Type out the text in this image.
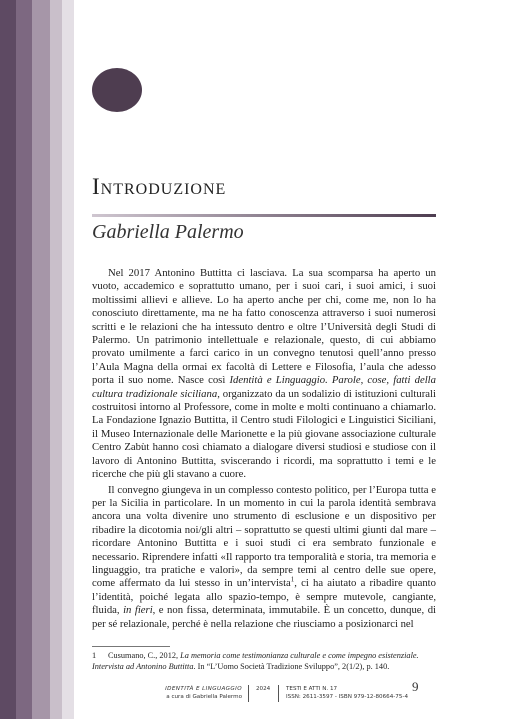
Introduzione
Gabriella Palermo

Nel 2017 Antonino Buttitta ci lasciava. La sua scomparsa ha aperto un vuoto, accademico e soprattutto umano, per i suoi cari, i suoi amici, i suoi moltissimi allievi e allieve. Lo ha aperto anche per chi, come me, non lo ha conosciuto direttamente, ma ne ha fatto conoscenza attraverso i suoi numerosi scritti e le relazioni che ha intessuto dentro e oltre l’Università degli Studi di Palermo. Un patrimonio intellettuale e relazionale, questo, di cui abbiamo provato umilmente a farci carico in un convegno tenutosi quell’anno presso l’Aula Magna della ormai ex facoltà di Lettere e Filosofia, l’aula che adesso porta il suo nome. Nasce così Identità e Linguaggio. Parole, cose, fatti della cultura tradizionale siciliana, organizzato da un sodalizio di istituzioni culturali costruitosi intorno al Professore, come in molte e molti continuano a chiamarlo. La Fondazione Ignazio Buttitta, il Centro studi Filologici e Linguistici Siciliani, il Museo Internazionale delle Marionette e la più giovane associazione culturale Centro Zabùt hanno così chiamato a dialogare diversi studiosi e studiose con il lavoro di Antonino Buttitta, sviscerando i ricordi, ma soprattutto i temi e le ricerche che più gli stavano a cuore.

Il convegno giungeva in un complesso contesto politico, per l’Europa tutta e per la Sicilia in particolare. In un momento in cui la parola identità sembrava ancora una volta divenire uno strumento di esclusione e un dispositivo per ribadire la dicotomia noi/gli altri – soprattutto se questi ultimi giunti dal mare – ricordare Antonino Buttitta e i suoi studi ci era sembrato funzionale e necessario. Riprendere infatti «Il rapporto tra temporalità e storia, tra memoria e linguaggio, tra pratiche e valori», da sempre temi al centro delle sue opere, come affermato da lui stesso in un’intervista$^1$, ci ha aiutato a ribadire quanto l’identità, poiché legata allo spazio-tempo, è sempre mutevole, cangiante, fluida, in fieri, e non fissa, determinata, immutabile. È un concetto, dunque, di per sé relazionale, perché è nella relazione che riusciamo a posizionarci nel

1 Cusumano, C., 2012, La memoria come testimonianza culturale e come impegno esistenziale. Intervista ad Antonino Buttitta. In “L’Uomo Società Tradizione Sviluppo”, 2(1/2), p. 140.
IDENTITÀ E LINGUAGGIO
a cura di Gabriella Palermo
2024	TESTI E ATTI N. 17
ISSN: 2611-3597 - ISBN 979-12-80664-75-4
9
